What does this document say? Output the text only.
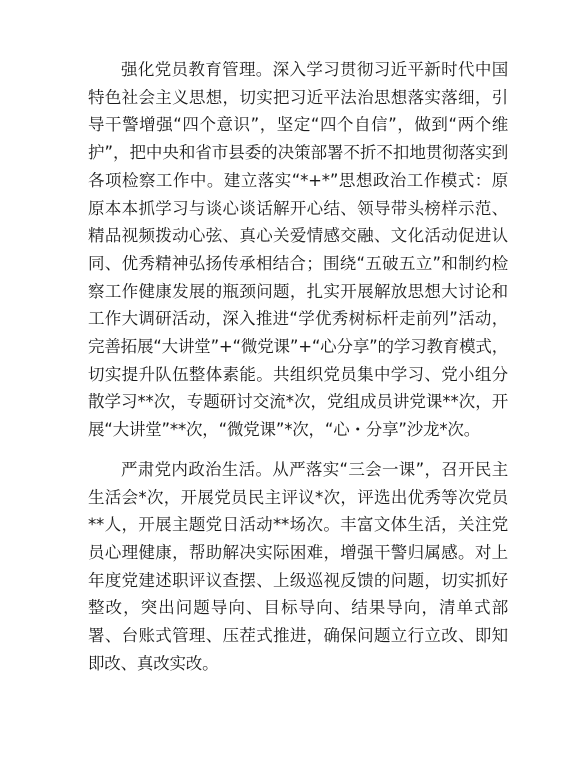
强化党员教育管理。深入学习贯彻习近平新时代中国特色社会主义思想，切实把习近平法治思想落实落细，引导干警增强“四个意识”，坚定“四个自信”，做到“两个维护”，把中央和省市县委的决策部署不折不扣地贯彻落实到各项检察工作中。建立落实“*+*”思想政治工作模式：原原本本抓学习与谈心谈话解开心结、领导带头榜样示范、精品视频拨动心弦、真心关爱情感交融、文化活动促进认同、优秀精神弘扬传承相结合；围绕“五破五立”和制约检察工作健康发展的瓶颈问题，扎实开展解放思想大讨论和工作大调研活动，深入推进“学优秀树标杆走前列”活动，完善拓展“大讲堂”+“微党课”+“心分享”的学习教育模式，切实提升队伍整体素能。共组织党员集中学习、党小组分散学习**次，专题研讨交流*次，党组成员讲党课**次，开展“大讲堂”**次，“微党课”*次，“心・分享”沙龙*次。

严肃党内政治生活。从严落实“三会一课”，召开民主生活会*次，开展党员民主评议*次，评选出优秀等次党员**人，开展主题党日活动**场次。丰富文体生活，关注党员心理健康，帮助解决实际困难，增强干警归属感。对上年度党建述职评议查摆、上级巡视反馈的问题，切实抓好整改，突出问题导向、目标导向、结果导向，清单式部署、台账式管理、压茬式推进，确保问题立行立改、即知即改、真改实改。
